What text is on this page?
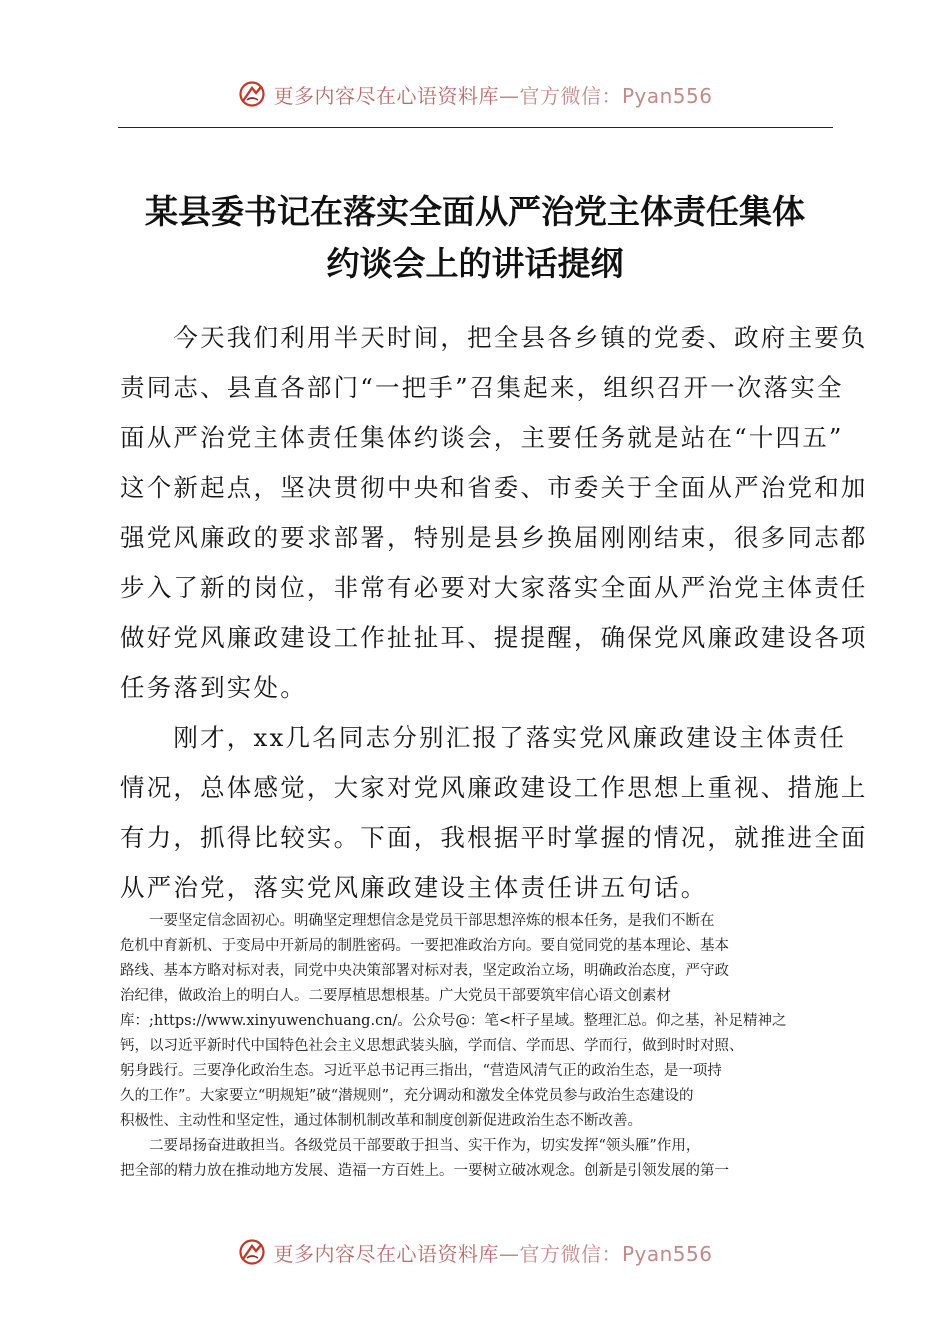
更多内容尽在心语资料库—官方微信：Pyan556
某县委书记在落实全面从严治党主体责任集体
约谈会上的讲话提纲

　　今天我们利用半天时间，把全县各乡镇的党委、政府主要负
责同志、县直各部门“一把手”召集起来，组织召开一次落实全
面从严治党主体责任集体约谈会，主要任务就是站在“十四五”
这个新起点，坚决贯彻中央和省委、市委关于全面从严治党和加
强党风廉政的要求部署，特别是县乡换届刚刚结束，很多同志都
步入了新的岗位，非常有必要对大家落实全面从严治党主体责任
做好党风廉政建设工作扯扯耳、提提醒，确保党风廉政建设各项
任务落到实处。

　　刚才，xx几名同志分别汇报了落实党风廉政建设主体责任
情况，总体感觉，大家对党风廉政建设工作思想上重视、措施上
有力，抓得比较实。下面，我根据平时掌握的情况，就推进全面
从严治党，落实党风廉政建设主体责任讲五句话。

　　一要坚定信念固初心。明确坚定理想信念是党员干部思想淬炼的根本任务，是我们不断在
危机中育新机、于变局中开新局的制胜密码。一要把准政治方向。要自觉同党的基本理论、基本
路线、基本方略对标对表，同党中央决策部署对标对表，坚定政治立场，明确政治态度，严守政
治纪律，做政治上的明白人。二要厚植思想根基。广大党员干部要筑牢信心语文创素材
库：;https://www.xinyuwenchuang.cn/。公众号@：笔<杆子星域。整理汇总。仰之基，补足精神之
钙，以习近平新时代中国特色社会主义思想武装头脑，学而信、学而思、学而行，做到时时对照、
躬身践行。三要净化政治生态。习近平总书记再三指出，“营造风清气正的政治生态，是一项持
久的工作”。大家要立“明规矩”破“潜规则”，充分调动和激发全体党员参与政治生态建设的
积极性、主动性和坚定性，通过体制机制改革和制度创新促进政治生态不断改善。

　　二要昂扬奋进敢担当。各级党员干部要敢于担当、实干作为，切实发挥“领头雁”作用，
把全部的精力放在推动地方发展、造福一方百姓上。一要树立破冰观念。创新是引领发展的第一

更多内容尽在心语资料库—官方微信：Pyan556
